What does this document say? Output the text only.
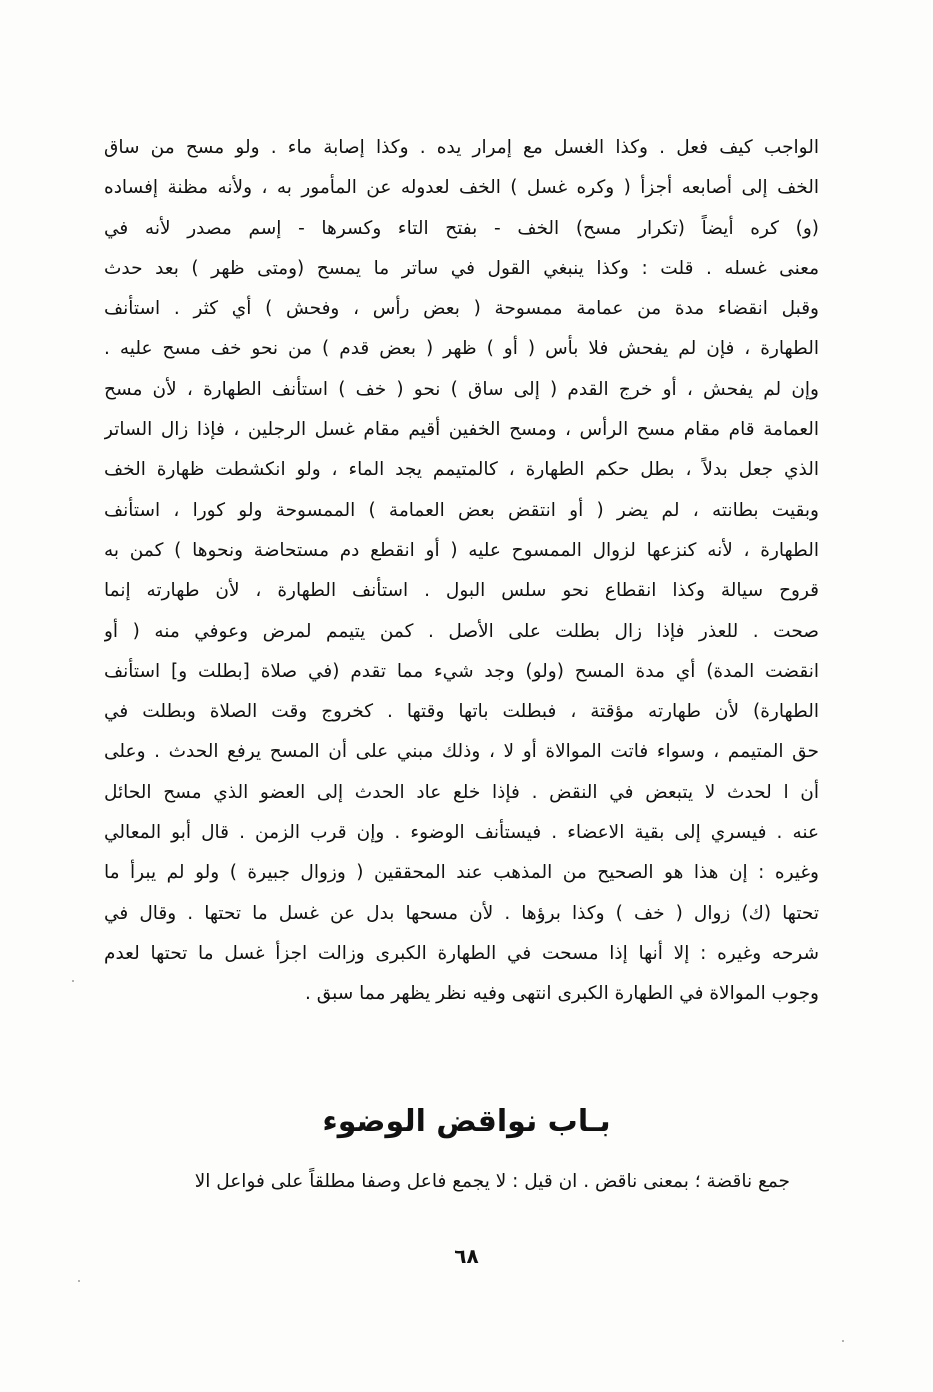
الواجب كيف فعل . وكذا الغسل مع إمرار يده . وكذا إصابة ماء . ولو مسح من ساق
الخف إلى أصابعه أجزأ ( وكره غسل ) الخف لعدوله عن المأمور به ، ولأنه مظنة إفساده
(و) كره أيضاً (تكرار مسح) الخف - بفتح التاء وكسرها - إسم مصدر لأنه في
معنى غسله . قلت : وكذا ينبغي القول في ساتر ما يمسح (ومتى ظهر ) بعد حدث
وقبل انقضاء مدة من عمامة ممسوحة ( بعض رأس ، وفحش ) أي كثر . استأنف
الطهارة ، فإن لم يفحش فلا بأس ( أو ) ظهر ( بعض قدم ) من نحو خف مسح عليه .
وإن لم يفحش ، أو خرج القدم ( إلى ساق ) نحو ( خف ) استأنف الطهارة ، لأن مسح
العمامة قام مقام مسح الرأس ، ومسح الخفين أقيم مقام غسل الرجلين ، فإذا زال الساتر
الذي جعل بدلاً ، بطل حكم الطهارة ، كالمتيمم يجد الماء ، ولو انكشطت ظهارة الخف
وبقيت بطانته ، لم يضر ( أو انتقض بعض العمامة ) الممسوحة ولو كورا ، استأنف
الطهارة ، لأنه كنزعها لزوال الممسوح عليه ( أو انقطع دم مستحاضة ونحوها ) كمن به
قروح سيالة وكذا انقطاع نحو سلس البول . استأنف الطهارة ، لأن طهارته إنما
صحت . للعذر فإذا زال بطلت على الأصل . كمن يتيمم لمرض وعوفي منه ( أو
انقضت المدة) أي مدة المسح (ولو) وجد شيء مما تقدم (في صلاة [بطلت و] استأنف
الطهارة) لأن طهارته مؤقتة ، فبطلت باتها وقتها . كخروج وقت الصلاة وبطلت في
حق المتيمم ، وسواء فاتت الموالاة أو لا ، وذلك مبني على أن المسح يرفع الحدث . وعلى
أن ا لحدث لا يتبعض في النقض . فإذا خلع عاد الحدث إلى العضو الذي مسح الحائل
عنه . فيسري إلى بقية الاعضاء . فيستأنف الوضوء . وإن قرب الزمن . قال أبو المعالي
وغيره : إن هذا هو الصحيح من المذهب عند المحققين ( وزوال جبيرة ) ولو لم يبرأ ما
تحتها (ك) زوال ( خف ) وكذا برؤها . لأن مسحها بدل عن غسل ما تحتها . وقال في
شرحه وغيره : إلا أنها إذا مسحت في الطهارة الكبرى وزالت اجزأ غسل ما تحتها لعدم
وجوب الموالاة في الطهارة الكبرى انتهى وفيه نظر يظهر مما سبق .
بـاب نواقض الوضوء

جمع ناقضة ؛ بمعنى ناقض . ان قيل : لا يجمع فاعل وصفا مطلقاً على فواعل الا

٦٨
